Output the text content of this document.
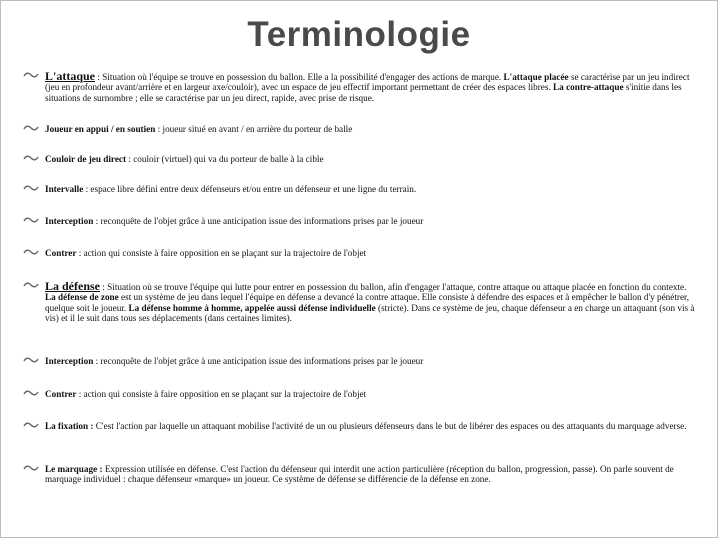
Terminologie
L'attaque : Situation où l'équipe se trouve en possession du ballon. Elle a la possibilité d'engager des actions de marque. L'attaque placée se caractérise par un jeu indirect (jeu en profondeur avant/arrière et en largeur axe/couloir), avec un espace de jeu effectif important permettant de créer des espaces libres. La contre-attaque s'initie dans les situations de surnombre ; elle se caractérise par un jeu direct, rapide, avec prise de risque.
Joueur en appui / en soutien : joueur situé en avant / en arrière du porteur de balle
Couloir de jeu direct : couloir (virtuel) qui va du porteur de balle à la cible
Intervalle : espace libre défini entre deux défenseurs et/ou entre un défenseur et une ligne du terrain.
Interception : reconquête de l'objet grâce à une anticipation issue des informations prises par le joueur
Contrer : action qui consiste à faire opposition en se plaçant sur la trajectoire de l'objet
La défense : Situation où se trouve l'équipe qui lutte pour entrer en possession du ballon, afin d'engager l'attaque, contre attaque ou attaque placée en fonction du contexte. La défense de zone est un système de jeu dans lequel l'équipe en défense a devancé la contre attaque. Elle consiste à défendre des espaces et à empêcher le ballon d'y pénétrer, quelque soit le joueur. La défense homme à homme, appelée aussi défense individuelle (stricte). Dans ce système de jeu, chaque défenseur a en charge un attaquant (son vis à vis) et il le suit dans tous ses déplacements (dans certaines limites).
Interception : reconquête de l'objet grâce à une anticipation issue des informations prises par le joueur
Contrer : action qui consiste à faire opposition en se plaçant sur la trajectoire de l'objet
La fixation : C'est l'action par laquelle un attaquant mobilise l'activité de un ou plusieurs défenseurs dans le but de libérer des espaces ou des attaquants du marquage adverse.
Le marquage : Expression utilisée en défense. C'est l'action du défenseur qui interdit une action particulière (réception du ballon, progression, passe). On parle souvent de marquage individuel : chaque défenseur «marque» un joueur. Ce système de défense se différencie de la défense en zone.
